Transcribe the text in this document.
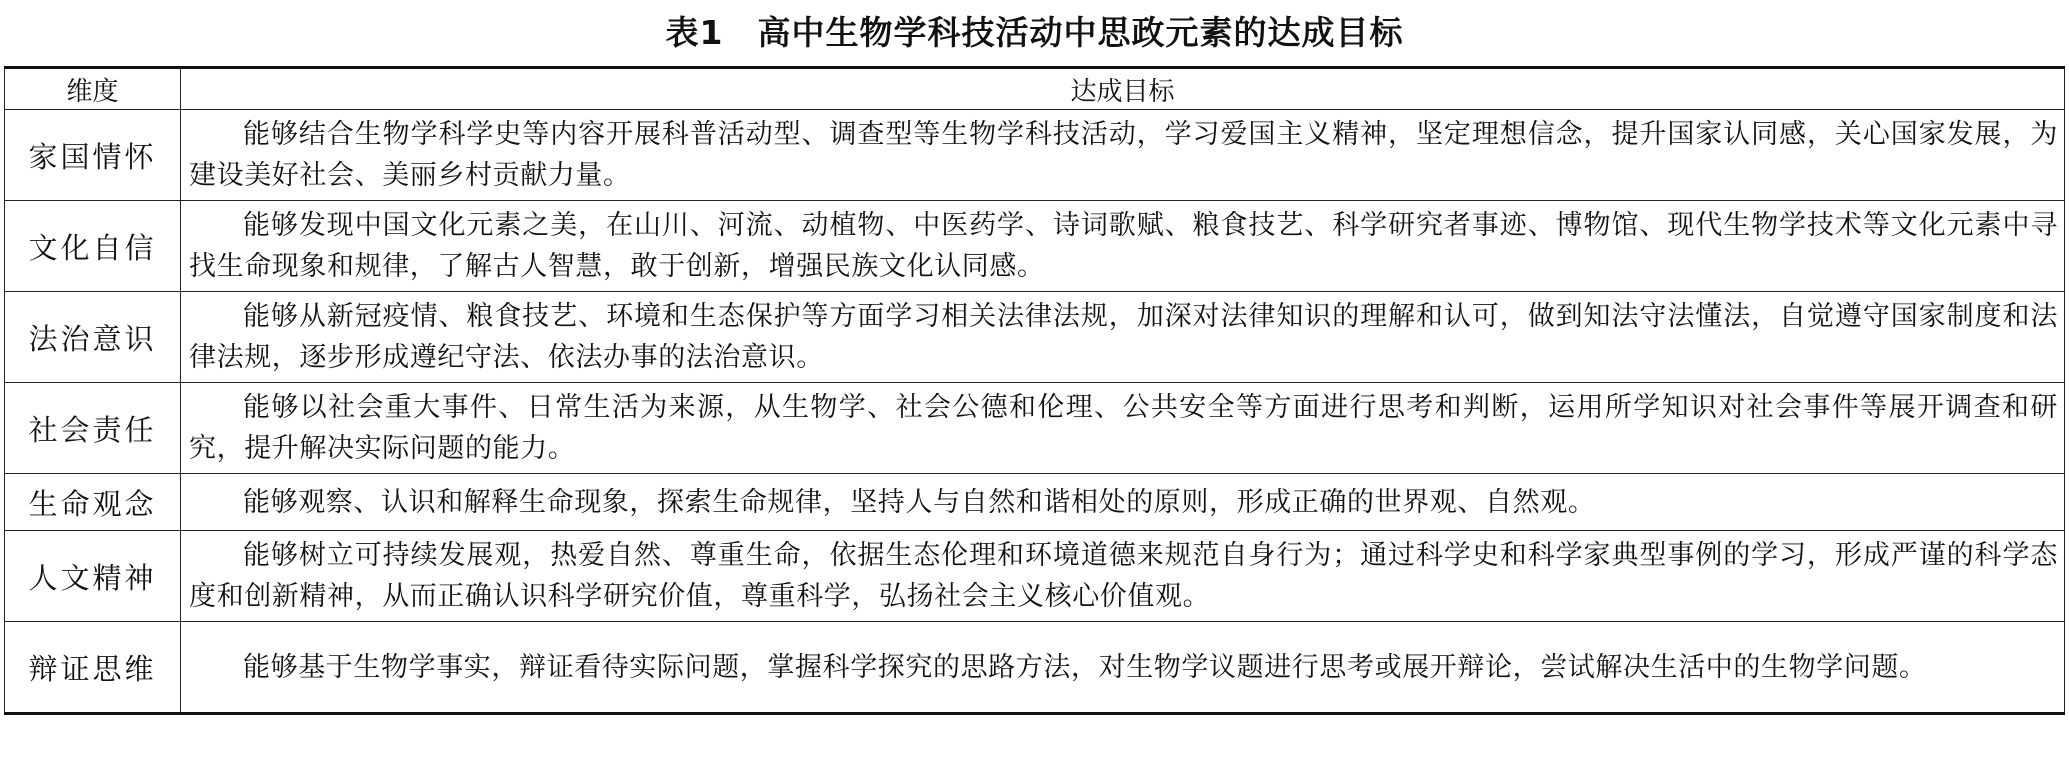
表1 高中生物学科技活动中思政元素的达成目标
维度	达成目标
家国情怀	能够结合生物学科学史等内容开展科普活动型、调查型等生物学科技活动，学习爱国主义精神，坚定理想信念，提升国家认同感，关心国家发展，为建设美好社会、美丽乡村贡献力量。

文化自信	能够发现中国文化元素之美，在山川、河流、动植物、中医药学、诗词歌赋、粮食技艺、科学研究者事迹、博物馆、现代生物学技术等文化元素中寻找生命现象和规律，了解古人智慧，敢于创新，增强民族文化认同感。

法治意识	能够从新冠疫情、粮食技艺、环境和生态保护等方面学习相关法律法规，加深对法律知识的理解和认可，做到知法守法懂法，自觉遵守国家制度和法律法规，逐步形成遵纪守法、依法办事的法治意识。

社会责任	能够以社会重大事件、日常生活为来源，从生物学、社会公德和伦理、公共安全等方面进行思考和判断，运用所学知识对社会事件等展开调查和研究，提升解决实际问题的能力。

生命观念	能够观察、认识和解释生命现象，探索生命规律，坚持人与自然和谐相处的原则，形成正确的世界观、自然观。

人文精神	能够树立可持续发展观，热爱自然、尊重生命，依据生态伦理和环境道德来规范自身行为；通过科学史和科学家典型事例的学习，形成严谨的科学态度和创新精神，从而正确认识科学研究价值，尊重科学，弘扬社会主义核心价值观。

辩证思维	能够基于生物学事实，辩证看待实际问题，掌握科学探究的思路方法，对生物学议题进行思考或展开辩论，尝试解决生活中的生物学问题。
